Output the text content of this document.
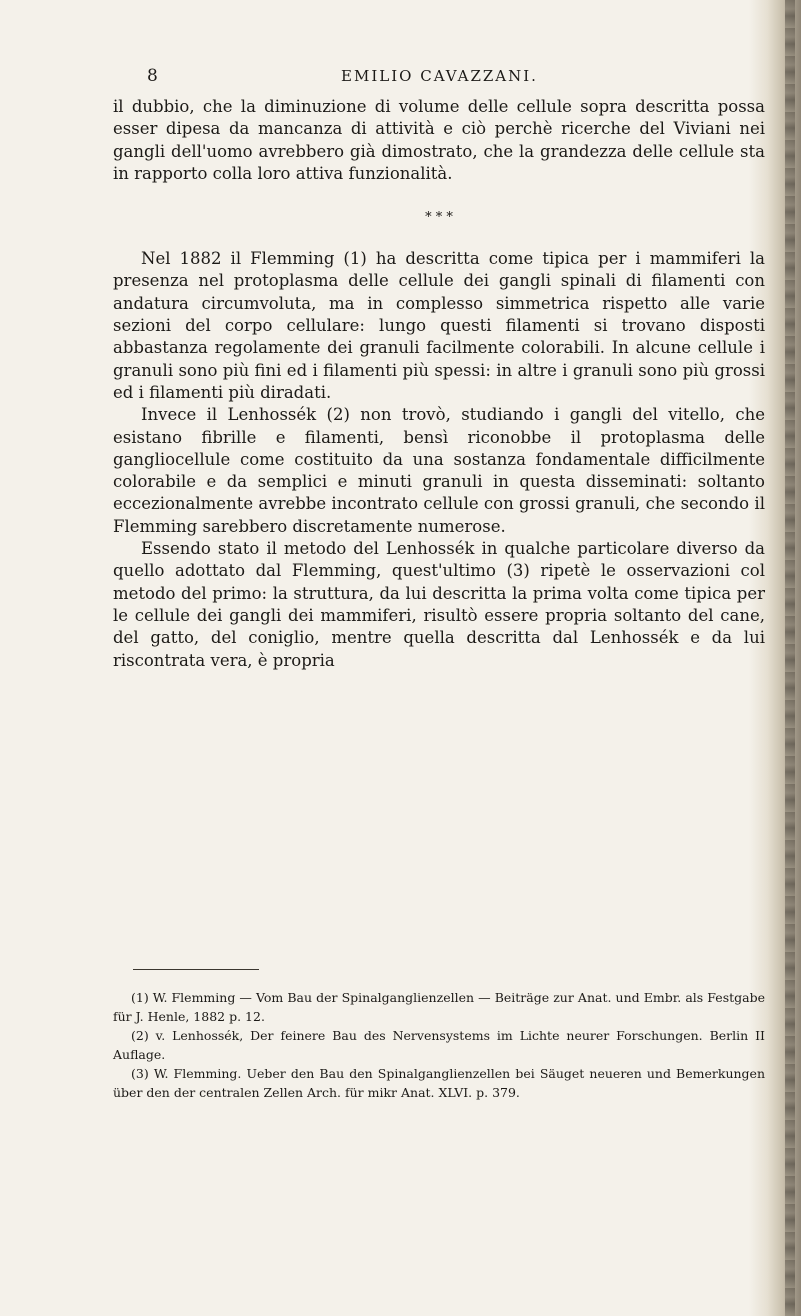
8	EMILIO CAVAZZANI.

il dubbio, che la diminuzione di volume delle cellule sopra descritta possa esser dipesa da mancanza di attività e ciò perchè ricerche del Viviani nei gangli dell'uomo avrebbero già dimostrato, che la grandezza delle cellule sta in rapporto colla loro attiva funzionalità.

* * *

Nel 1882 il Flemming (1) ha descritta come tipica per i mammiferi la presenza nel protoplasma delle cellule dei gangli spinali di filamenti con andatura circumvoluta, ma in complesso simmetrica rispetto alle varie sezioni del corpo cellulare: lungo questi filamenti si trovano disposti abbastanza regolamente dei granuli facilmente colorabili. In alcune cellule i granuli sono più fini ed i filamenti più spessi: in altre i granuli sono più grossi ed i filamenti più diradati.

Invece il Lenhossék (2) non trovò, studiando i gangli del vitello, che esistano fibrille e filamenti, bensì riconobbe il protoplasma delle gangliocellule come costituito da una sostanza fondamentale difficilmente colorabile e da semplici e minuti granuli in questa disseminati: soltanto eccezionalmente avrebbe incontrato cellule con grossi granuli, che secondo il Flemming sarebbero discretamente numerose.

Essendo stato il metodo del Lenhossék in qualche particolare diverso da quello adottato dal Flemming, quest'ultimo (3) ripetè le osservazioni col metodo del primo: la struttura, da lui descritta la prima volta come tipica per le cellule dei gangli dei mammiferi, risultò essere propria soltanto del cane, del gatto, del coniglio, mentre quella descritta dal Lenhossék e da lui riscontrata vera, è propria

(1) W. Flemming — Vom Bau der Spinalganglienzellen — Beiträge zur Anat. und Embr. als Festgabe für J. Henle, 1882 p. 12.

(2) v. Lenhossék, Der feinere Bau des Nervensystems im Lichte neurer Forschungen. Berlin II Auflage.

(3) W. Flemming. Ueber den Bau den Spinalganglienzellen bei Säuget neueren und Bemerkungen über den der centralen Zellen Arch. für mikr Anat. XLVI. p. 379.
